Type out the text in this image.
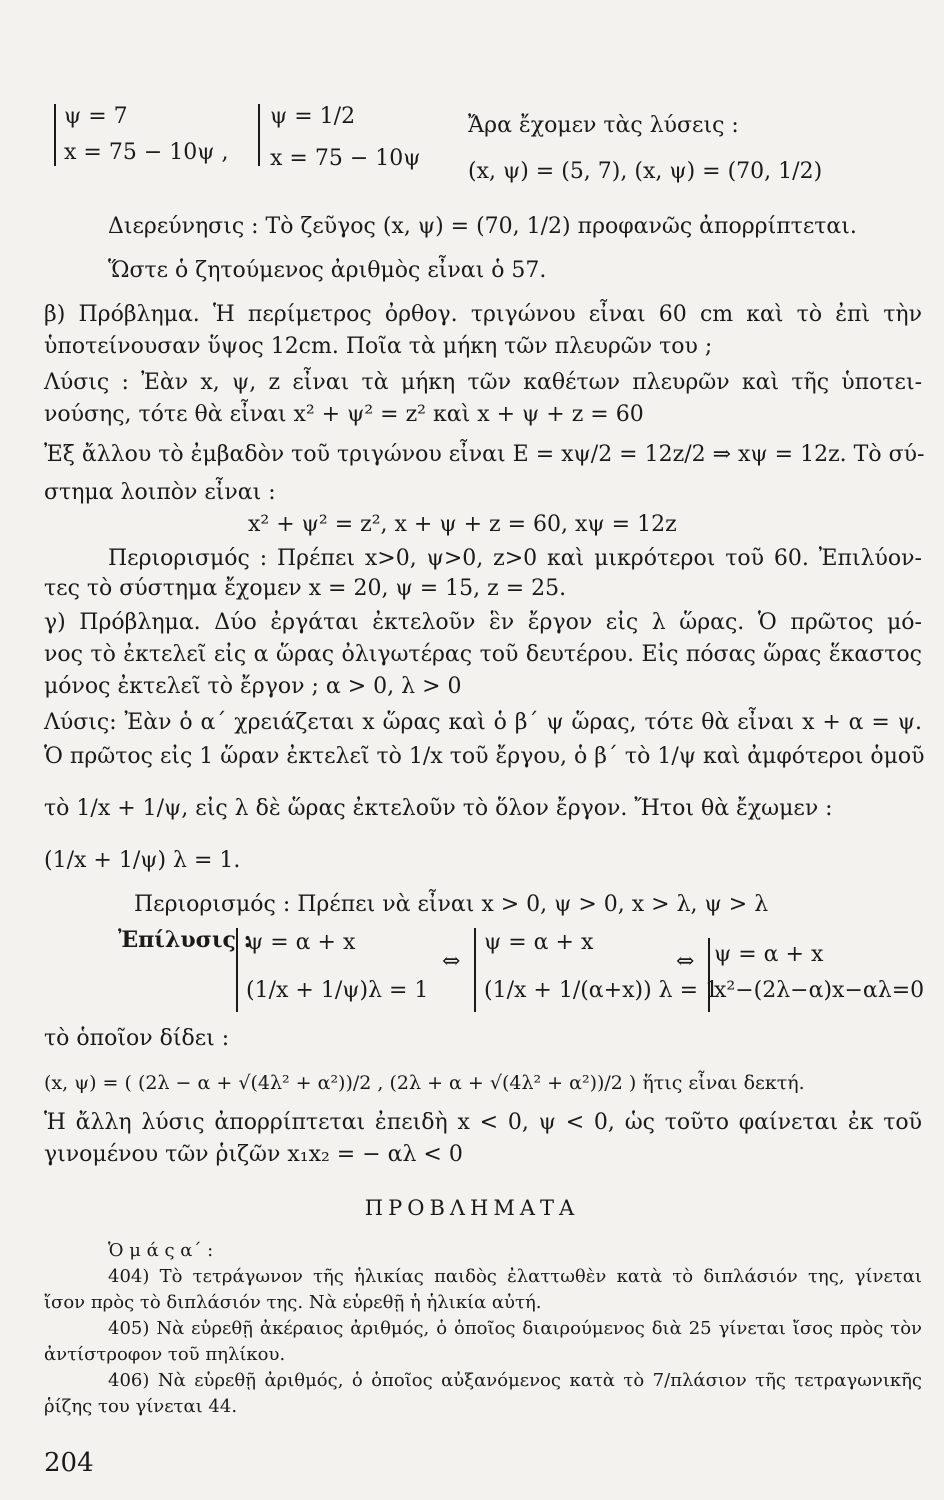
ψ = 7
x = 75 − 10ψ ,
ψ = 1/2
x = 75 − 10ψ
Ἄρα ἔχομεν τὰς λύσεις :
(x, ψ) = (5, 7), (x, ψ) = (70, 1/2)
Διερεύνησις : Τὸ ζεῦγος (x, ψ) = (70, 1/2) προφανῶς ἀπορρίπτεται.
Ὥστε ὁ ζητούμενος ἀριθμὸς εἶναι ὁ 57.
β) Πρόβλημα. Ἡ περίμετρος ὀρθογ. τριγώνου εἶναι 60 cm καὶ τὸ ἐπὶ τὴν
ὑποτείνουσαν ὕψος 12cm. Ποῖα τὰ μήκη τῶν πλευρῶν του ;
Λύσις : Ἐὰν x, ψ, z εἶναι τὰ μήκη τῶν καθέτων πλευρῶν καὶ τῆς ὑποτει-
νούσης, τότε θὰ εἶναι x² + ψ² = z² καὶ x + ψ + z = 60
Ἐξ ἄλλου τὸ ἐμβαδὸν τοῦ τριγώνου εἶναι E = xψ/2 = 12z/2 ⇒ xψ = 12z. Τὸ σύ-
στημα λοιπὸν εἶναι :
x² + ψ² = z², x + ψ + z = 60, xψ = 12z
Περιορισμός : Πρέπει x>0, ψ>0, z>0 καὶ μικρότεροι τοῦ 60. Ἐπιλύον-
τες τὸ σύστημα ἔχομεν x = 20, ψ = 15, z = 25.
γ) Πρόβλημα. Δύο ἐργάται ἐκτελοῦν ἓν ἔργον εἰς λ ὥρας. Ὁ πρῶτος μό-
νος τὸ ἐκτελεῖ εἰς α ὥρας ὀλιγωτέρας τοῦ δευτέρου. Εἰς πόσας ὥρας ἕκαστος
μόνος ἐκτελεῖ τὸ ἔργον ; α > 0, λ > 0
Λύσις: Ἐὰν ὁ α΄ χρειάζεται x ὥρας καὶ ὁ β΄ ψ ὥρας, τότε θὰ εἶναι x + α = ψ.
Ὁ πρῶτος εἰς 1 ὥραν ἐκτελεῖ τὸ 1/x τοῦ ἔργου, ὁ β΄ τὸ 1/ψ καὶ ἀμφότεροι ὁμοῦ
τὸ 1/x + 1/ψ, εἰς λ δὲ ὥρας ἐκτελοῦν τὸ ὅλον ἔργον. Ἤτοι θὰ ἔχωμεν :
(1/x + 1/ψ) λ = 1.
Περιορισμός : Πρέπει νὰ εἶναι x > 0, ψ > 0, x > λ, ψ > λ
Ἐπίλυσις :
ψ = α + x
(1/x + 1/ψ)λ = 1
⇔
ψ = α + x
(1/x + 1/(α+x)) λ = 1
⇔ ψ = α + x
x²−(2λ−α)x−αλ=0
τὸ ὁποῖον δίδει :
(x, ψ) = ( (2λ − α + √(4λ² + α²))/2 , (2λ + α + √(4λ² + α²))/2 ) ἥτις εἶναι δεκτή.
Ἡ ἄλλη λύσις ἀπορρίπτεται ἐπειδὴ x < 0, ψ < 0, ὡς τοῦτο φαίνεται ἐκ τοῦ
γινομένου τῶν ῥιζῶν x₁x₂ = − αλ < 0
ΠΡΟΒΛΗΜΑΤΑ
Ὁ μ ά ς α΄ :
404) Τὸ τετράγωνον τῆς ἡλικίας παιδὸς ἐλαττωθὲν κατὰ τὸ διπλάσιόν της, γίνεται
ἴσον πρὸς τὸ διπλάσιόν της. Νὰ εὑρεθῇ ἡ ἡλικία αὐτή.
405) Νὰ εὑρεθῇ ἀκέραιος ἀριθμός, ὁ ὁποῖος διαιρούμενος διὰ 25 γίνεται ἴσος πρὸς τὸν
ἀντίστροφον τοῦ πηλίκου.
406) Νὰ εὑρεθῇ ἀριθμός, ὁ ὁποῖος αὐξανόμενος κατὰ τὸ 7/πλάσιον τῆς τετραγωνικῆς
ῥίζης του γίνεται 44.
204
